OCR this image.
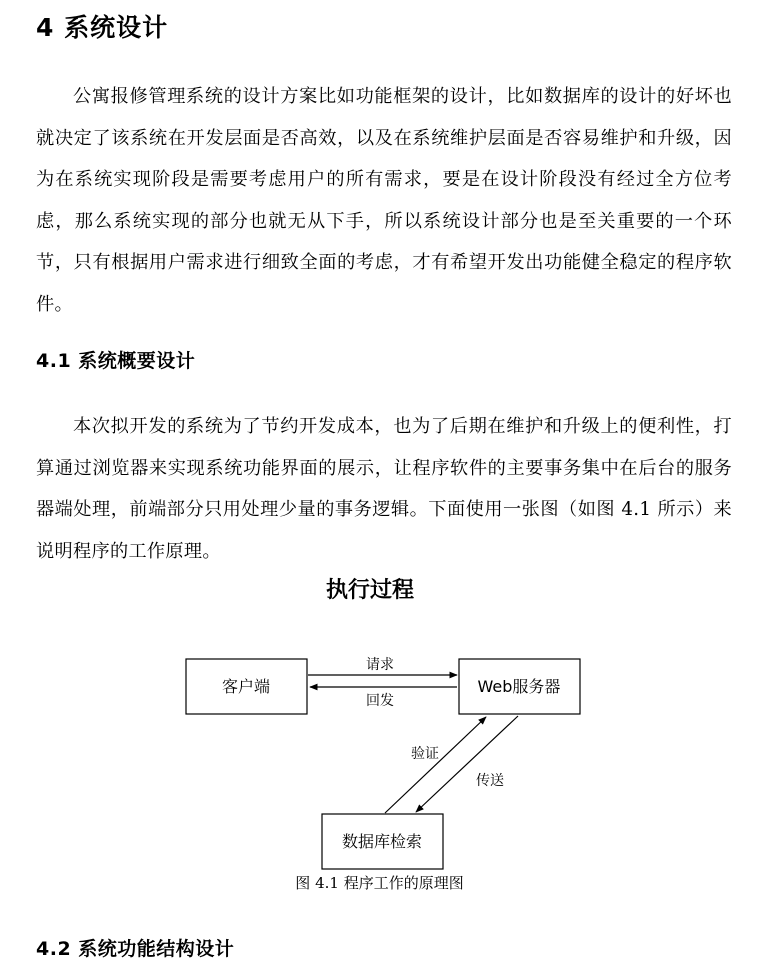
4 系统设计

公寓报修管理系统的设计方案比如功能框架的设计，比如数据库的设计的好坏也就决定了该系统在开发层面是否高效，以及在系统维护层面是否容易维护和升级，因为在系统实现阶段是需要考虑用户的所有需求，要是在设计阶段没有经过全方位考虑，那么系统实现的部分也就无从下手，所以系统设计部分也是至关重要的一个环节，只有根据用户需求进行细致全面的考虑，才有希望开发出功能健全稳定的程序软件。

4.1 系统概要设计

本次拟开发的系统为了节约开发成本，也为了后期在维护和升级上的便利性，打算通过浏览器来实现系统功能界面的展示，让程序软件的主要事务集中在后台的服务器端处理，前端部分只用处理少量的事务逻辑。下面使用一张图（如图 4.1 所示）来说明程序的工作原理。

执行过程
客户端	Web服务器
数据库检索
请求
回发
验证
传送

图 4.1 程序工作的原理图

4.2 系统功能结构设计
